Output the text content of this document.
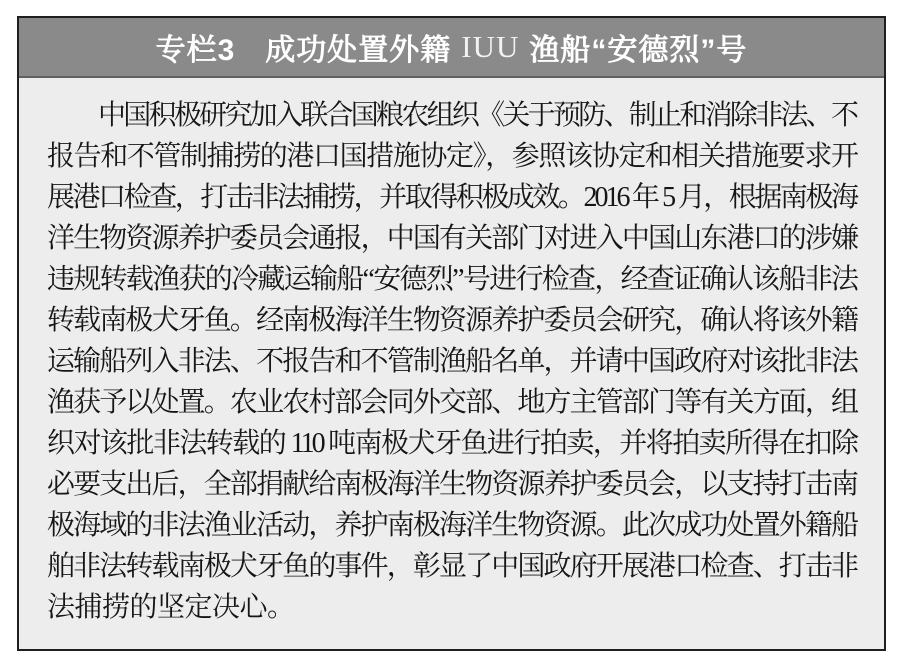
专栏3 成功处置外籍 IUU 渔船“安德烈”号
中国积极研究加入联合国粮农组织《关于预防、制止和消除非法、不
报告和不管制捕捞的港口国措施协定》，参照该协定和相关措施要求开
展港口检查，打击非法捕捞，并取得积极成效。2016 年 5 月，根据南极海
洋生物资源养护委员会通报，中国有关部门对进入中国山东港口的涉嫌
违规转载渔获的冷藏运输船“安德烈”号进行检查，经查证确认该船非法
转载南极犬牙鱼。经南极海洋生物资源养护委员会研究，确认将该外籍
运输船列入非法、不报告和不管制渔船名单，并请中国政府对该批非法
渔获予以处置。农业农村部会同外交部、地方主管部门等有关方面，组
织对该批非法转载的 110 吨南极犬牙鱼进行拍卖，并将拍卖所得在扣除
必要支出后，全部捐献给南极海洋生物资源养护委员会，以支持打击南
极海域的非法渔业活动，养护南极海洋生物资源。此次成功处置外籍船
舶非法转载南极犬牙鱼的事件，彰显了中国政府开展港口检查、打击非
法捕捞的坚定决心。
